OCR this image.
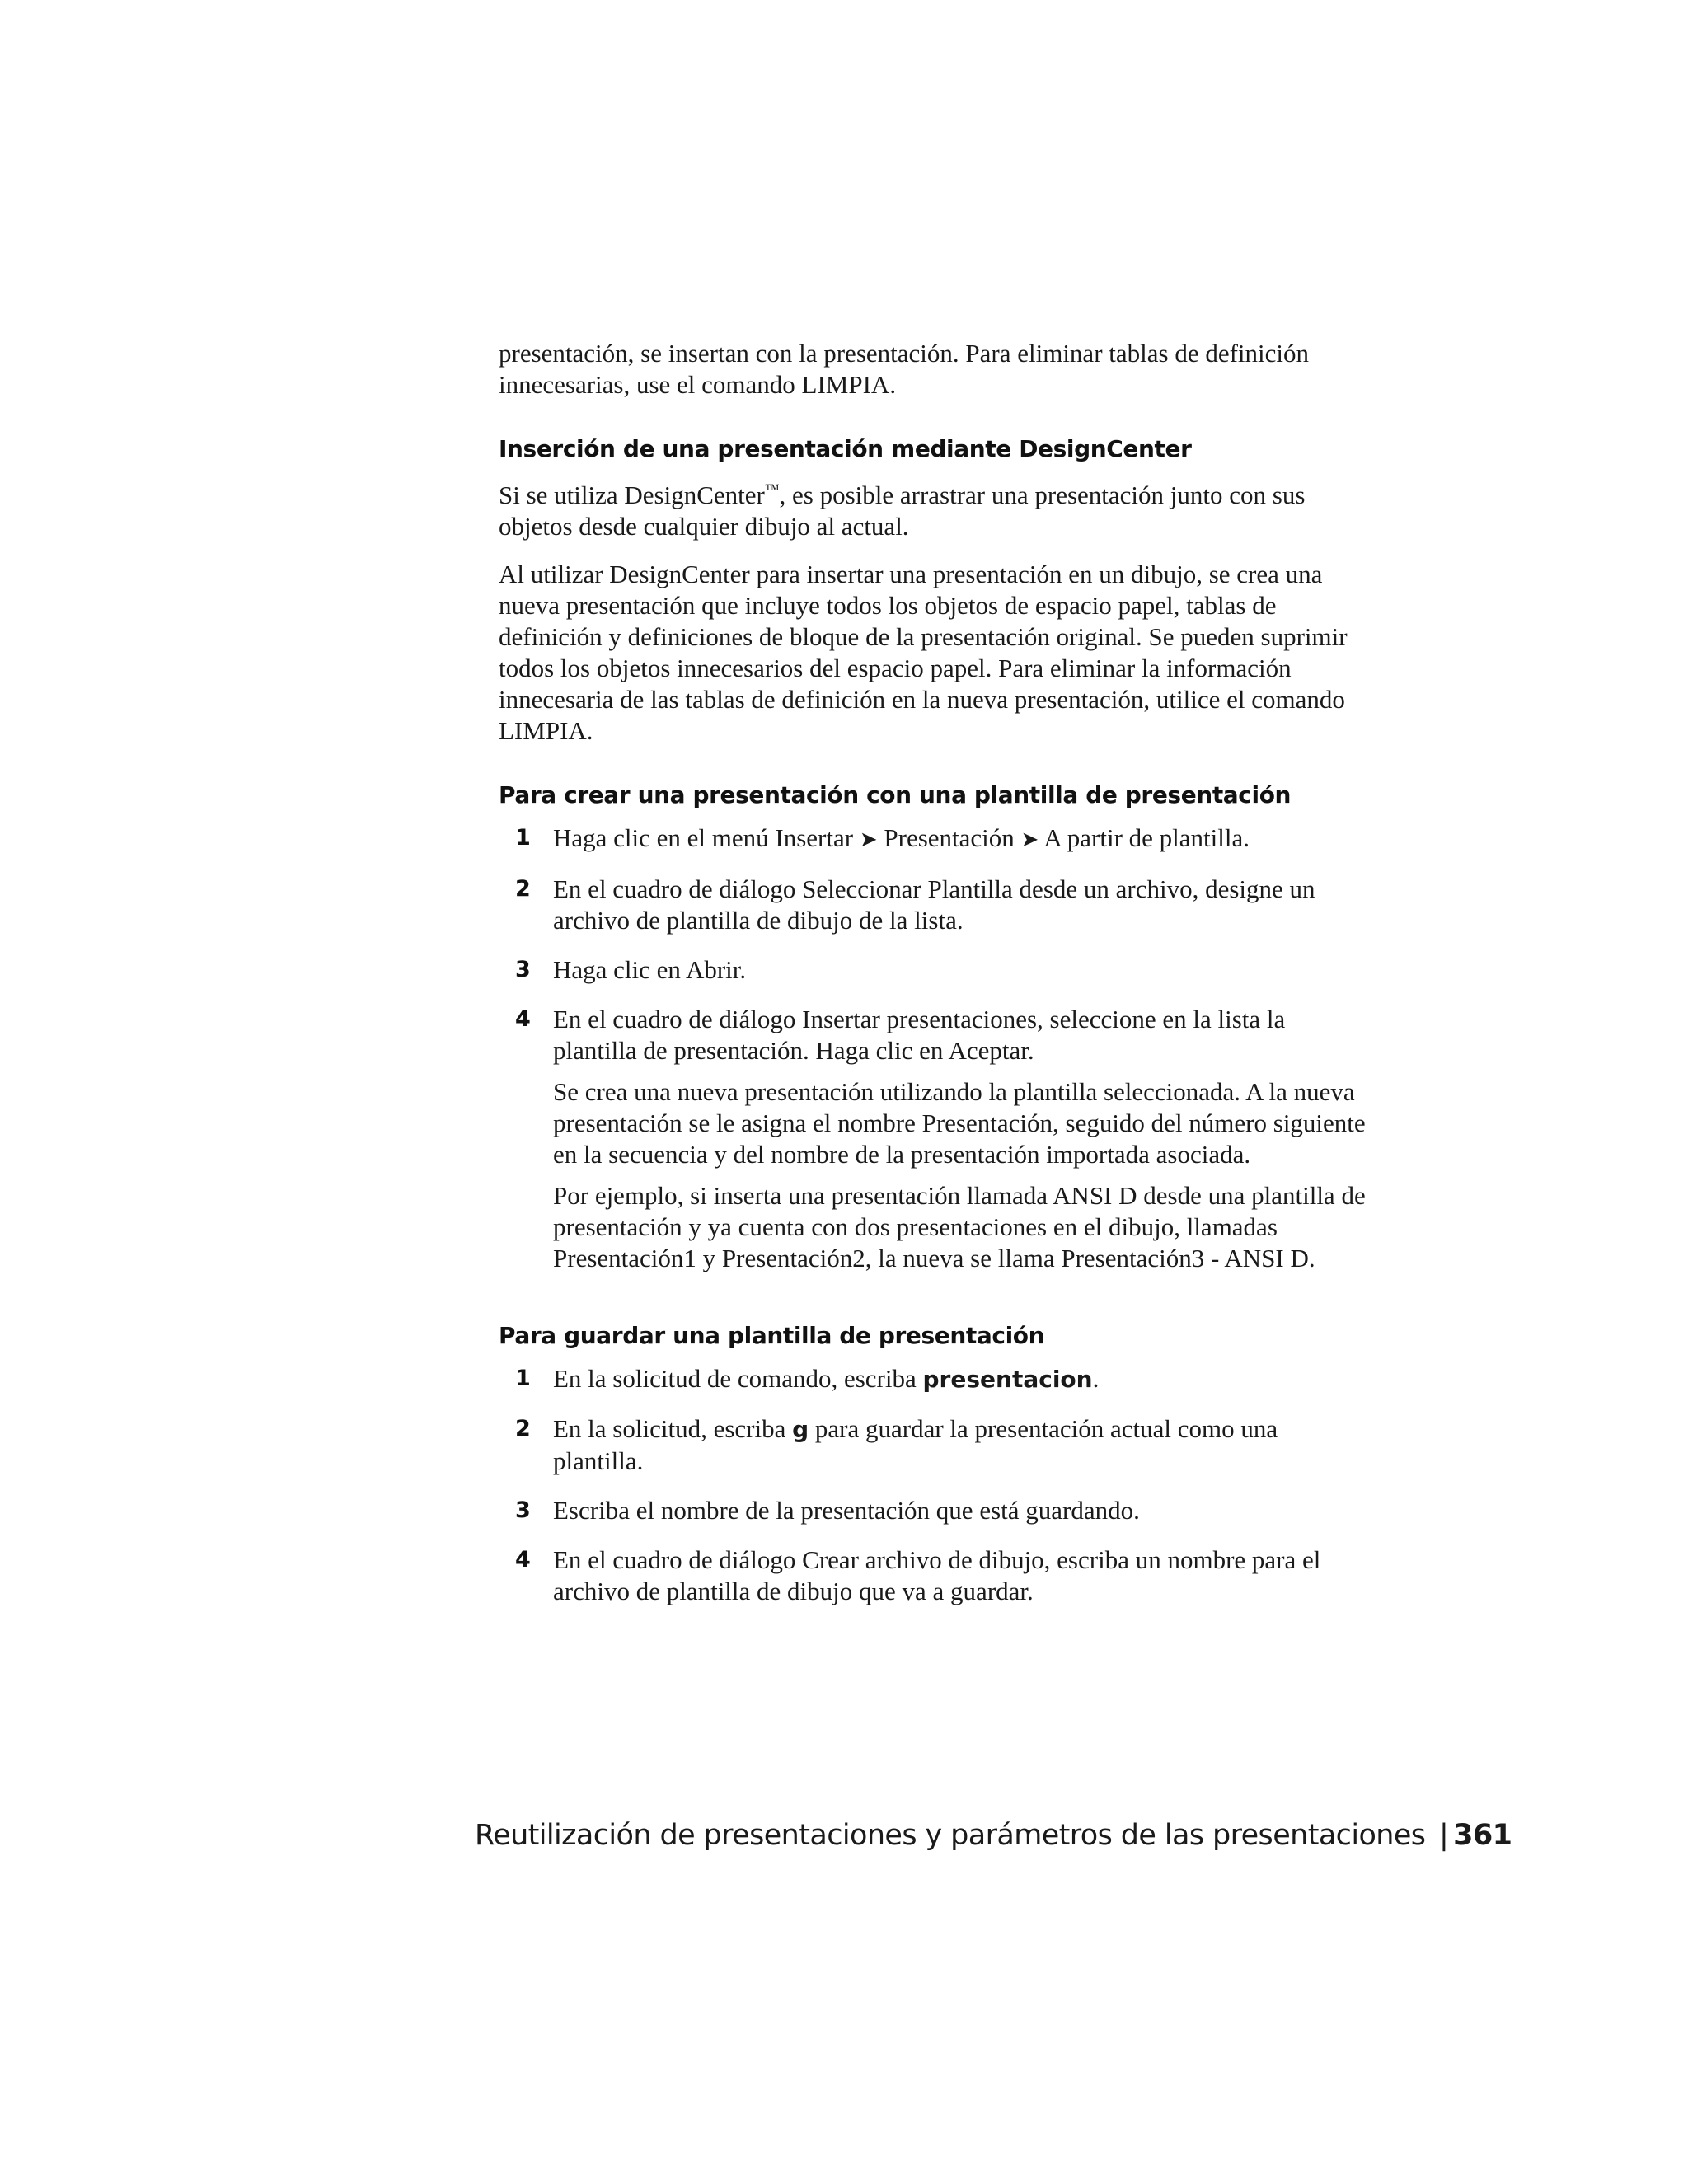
presentación, se insertan con la presentación. Para eliminar tablas de definición innecesarias, use el comando LIMPIA.

Inserción de una presentación mediante DesignCenter

Si se utiliza DesignCenter™, es posible arrastrar una presentación junto con sus objetos desde cualquier dibujo al actual.

Al utilizar DesignCenter para insertar una presentación en un dibujo, se crea una nueva presentación que incluye todos los objetos de espacio papel, tablas de definición y definiciones de bloque de la presentación original. Se pueden suprimir todos los objetos innecesarios del espacio papel. Para eliminar la información innecesaria de las tablas de definición en la nueva presentación, utilice el comando LIMPIA.

Para crear una presentación con una plantilla de presentación
1 Haga clic en el menú Insertar ➤ Presentación ➤ A partir de plantilla.
2 En el cuadro de diálogo Seleccionar Plantilla desde un archivo, designe un archivo de plantilla de dibujo de la lista.
3 Haga clic en Abrir.
4 En el cuadro de diálogo Insertar presentaciones, seleccione en la lista la plantilla de presentación. Haga clic en Aceptar.

Se crea una nueva presentación utilizando la plantilla seleccionada. A la nueva presentación se le asigna el nombre Presentación, seguido del número siguiente en la secuencia y del nombre de la presentación importada asociada.

Por ejemplo, si inserta una presentación llamada ANSI D desde una plantilla de presentación y ya cuenta con dos presentaciones en el dibujo, llamadas Presentación1 y Presentación2, la nueva se llama Presentación3 - ANSI D.

Para guardar una plantilla de presentación
1 En la solicitud de comando, escriba presentacion.
2 En la solicitud, escriba g para guardar la presentación actual como una plantilla.
3 Escriba el nombre de la presentación que está guardando.
4 En el cuadro de diálogo Crear archivo de dibujo, escriba un nombre para el archivo de plantilla de dibujo que va a guardar.
Reutilización de presentaciones y parámetros de las presentaciones | 361
